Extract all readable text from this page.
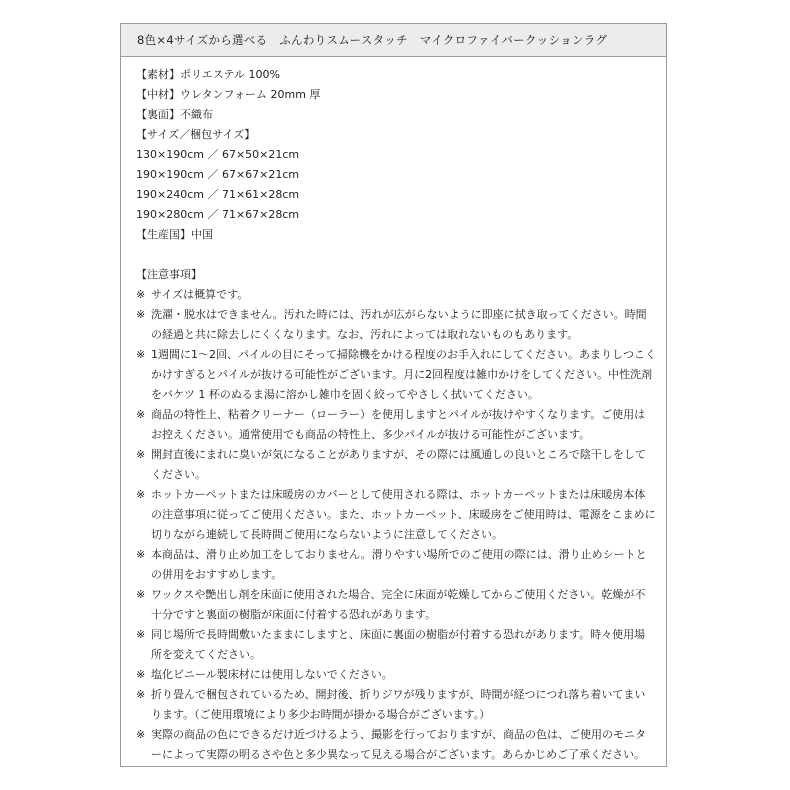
8色×4サイズから選べる　ふんわりスムースタッチ　マイクロファイバークッションラグ
【素材】ポリエステル 100%
【中材】ウレタンフォーム 20mm 厚
【裏面】不織布
【サイズ／梱包サイズ】
130×190cm ／ 67×50×21cm
190×190cm ／ 67×67×21cm
190×240cm ／ 71×61×28cm
190×280cm ／ 71×67×28cm
【生産国】中国
【注意事項】
※ サイズは概算です。
※ 洗濯・脱水はできません。汚れた時には、汚れが広がらないように即座に拭き取ってください。時間の経過と共に除去しにくくなります。なお、汚れによっては取れないものもあります。
※ 1週間に1～2回、パイルの目にそって掃除機をかける程度のお手入れにしてください。あまりしつこくかけすぎるとパイルが抜ける可能性がございます。月に2回程度は雑巾かけをしてください。中性洗剤をバケツ 1 杯のぬるま湯に溶かし雑巾を固く絞ってやさしく拭いてください。
※ 商品の特性上、粘着クリーナー（ローラー）を使用しますとパイルが抜けやすくなります。ご使用はお控えください。通常使用でも商品の特性上、多少パイルが抜ける可能性がございます。
※ 開封直後にまれに臭いが気になることがありますが、その際には風通しの良いところで陰干しをしてください。
※ ホットカーペットまたは床暖房のカバーとして使用される際は、ホットカーペットまたは床暖房本体の注意事項に従ってご使用ください。また、ホットカーペット、床暖房をご使用時は、電源をこまめに切りながら連続して長時間ご使用にならないように注意してください。
※ 本商品は、滑り止め加工をしておりません。滑りやすい場所でのご使用の際には、滑り止めシートとの併用をおすすめします。
※ ワックスや艶出し剤を床面に使用された場合、完全に床面が乾燥してからご使用ください。乾燥が不十分ですと裏面の樹脂が床面に付着する恐れがあります。
※ 同じ場所で長時間敷いたままにしますと、床面に裏面の樹脂が付着する恐れがあります。時々使用場所を変えてください。
※ 塩化ビニール製床材には使用しないでください。
※ 折り畳んで梱包されているため、開封後、折りジワが残りますが、時間が経つにつれ落ち着いてまいります。（ご使用環境により多少お時間が掛かる場合がございます。）
※ 実際の商品の色にできるだけ近づけるよう、撮影を行っておりますが、商品の色は、ご使用のモニターによって実際の明るさや色と多少異なって見える場合がございます。あらかじめご了承ください。
